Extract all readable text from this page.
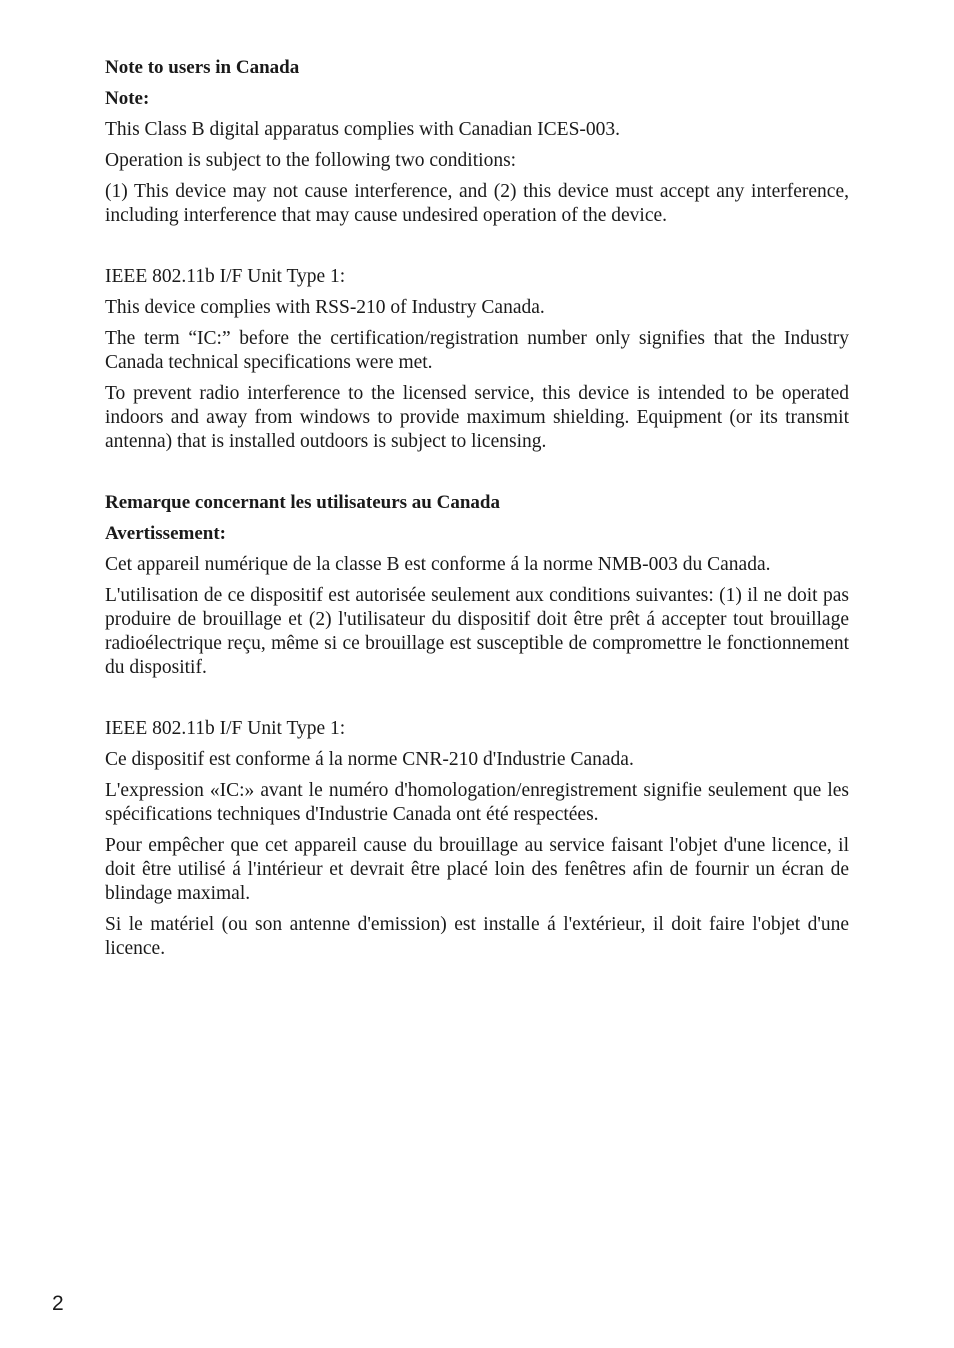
Note to users in Canada
Note:

This Class B digital apparatus complies with Canadian ICES-003.

Operation is subject to the following two conditions:

(1) This device may not cause interference, and (2) this device must accept any interference, including interference that may cause undesired operation of the device.

IEEE 802.11b I/F Unit Type 1:

This device complies with RSS-210 of Industry Canada.

The term “IC:” before the certification/registration number only signifies that the Industry Canada technical specifications were met.

To prevent radio interference to the licensed service, this device is intended to be operated indoors and away from windows to provide maximum shielding. Equipment (or its transmit antenna) that is installed outdoors is subject to licensing.

Remarque concernant les utilisateurs au Canada
Avertissement:

Cet appareil numérique de la classe B est conforme á la norme NMB-003 du Canada.

L'utilisation de ce dispositif est autorisée seulement aux conditions suivantes: (1) il ne doit pas produire de brouillage et (2) l'utilisateur du dispositif doit être prêt á accepter tout brouillage radioélectrique reçu, même si ce brouillage est susceptible de compromettre le fonctionnement du dispositif.

IEEE 802.11b I/F Unit Type 1:

Ce dispositif est conforme á la norme CNR-210 d'Industrie Canada.

L'expression «IC:» avant le numéro d'homologation/enregistrement signifie seulement que les spécifications techniques d'Industrie Canada ont été respectées.

Pour empêcher que cet appareil cause du brouillage au service faisant l'objet d'une licence, il doit être utilisé á l'intérieur et devrait être placé loin des fenêtres afin de fournir un écran de blindage maximal.

Si le matériel (ou son antenne d'emission) est installe á l'extérieur, il doit faire l'objet d'une licence.

2
